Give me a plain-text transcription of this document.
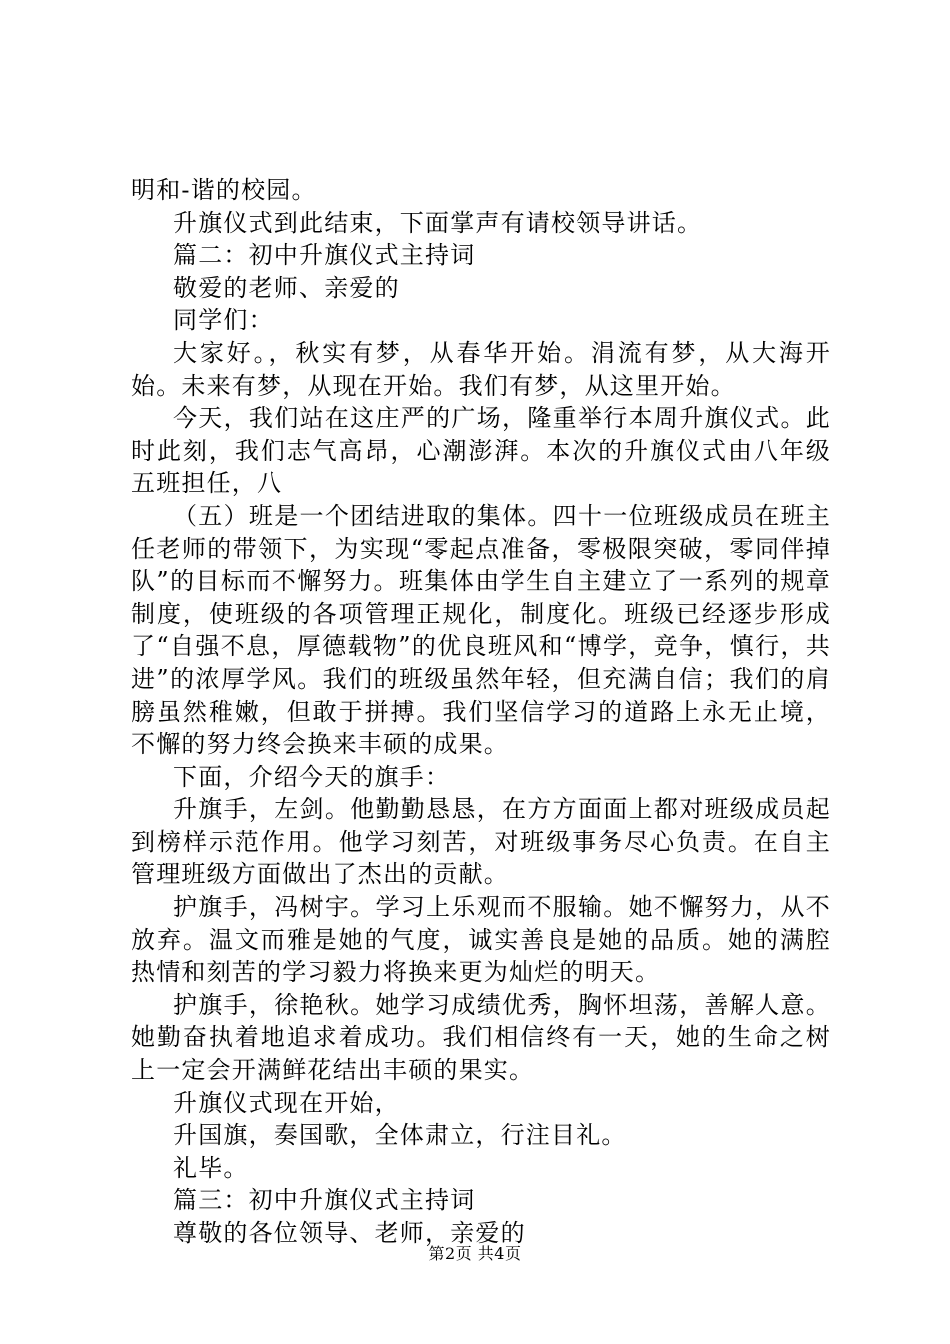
明和-谐的校园。

升旗仪式到此结束，下面掌声有请校领导讲话。

篇二：初中升旗仪式主持词

敬爱的老师、亲爱的

同学们：

大家好。，秋实有梦，从春华开始。涓流有梦，从大海开始。未来有梦，从现在开始。我们有梦，从这里开始。

今天，我们站在这庄严的广场，隆重举行本周升旗仪式。此时此刻，我们志气高昂，心潮澎湃。本次的升旗仪式由八年级五班担任，八

（五）班是一个团结进取的集体。四十一位班级成员在班主任老师的带领下，为实现“零起点准备，零极限突破，零同伴掉队”的目标而不懈努力。班集体由学生自主建立了一系列的规章制度，使班级的各项管理正规化，制度化。班级已经逐步形成了“自强不息，厚德载物”的优良班风和“博学，竞争，慎行，共进”的浓厚学风。我们的班级虽然年轻，但充满自信；我们的肩膀虽然稚嫩，但敢于拼搏。我们坚信学习的道路上永无止境，不懈的努力终会换来丰硕的成果。

下面，介绍今天的旗手：

升旗手，左剑。他勤勤恳恳，在方方面面上都对班级成员起到榜样示范作用。他学习刻苦，对班级事务尽心负责。在自主管理班级方面做出了杰出的贡献。

护旗手，冯树宇。学习上乐观而不服输。她不懈努力，从不放弃。温文而雅是她的气度，诚实善良是她的品质。她的满腔热情和刻苦的学习毅力将换来更为灿烂的明天。

护旗手，徐艳秋。她学习成绩优秀，胸怀坦荡，善解人意。她勤奋执着地追求着成功。我们相信终有一天，她的生命之树上一定会开满鲜花结出丰硕的果实。

升旗仪式现在开始，

升国旗，奏国歌，全体肃立，行注目礼。

礼毕。

篇三：初中升旗仪式主持词

尊敬的各位领导、老师，亲爱的

第2页 共4页
